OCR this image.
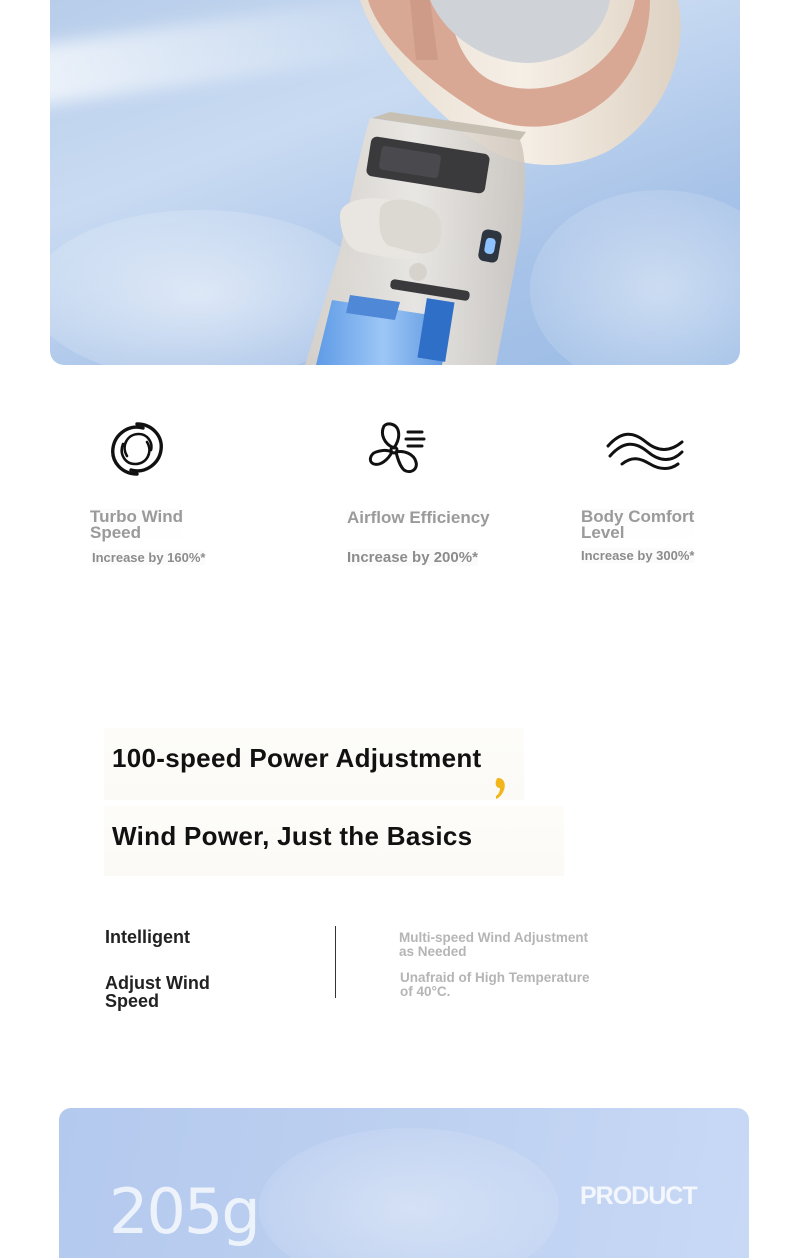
Turbo Wind
Speed
Increase by 160%*
Airflow Efficiency
Increase by 200%*
Body Comfort
Level
Increase by 300%*
100-speed Power Adjustment
Wind Power, Just the Basics
Intelligent
Adjust Wind
Speed
Multi-speed Wind Adjustment
as Needed
Unafraid of High Temperature
of 40°C.
205g	PRODUCT
